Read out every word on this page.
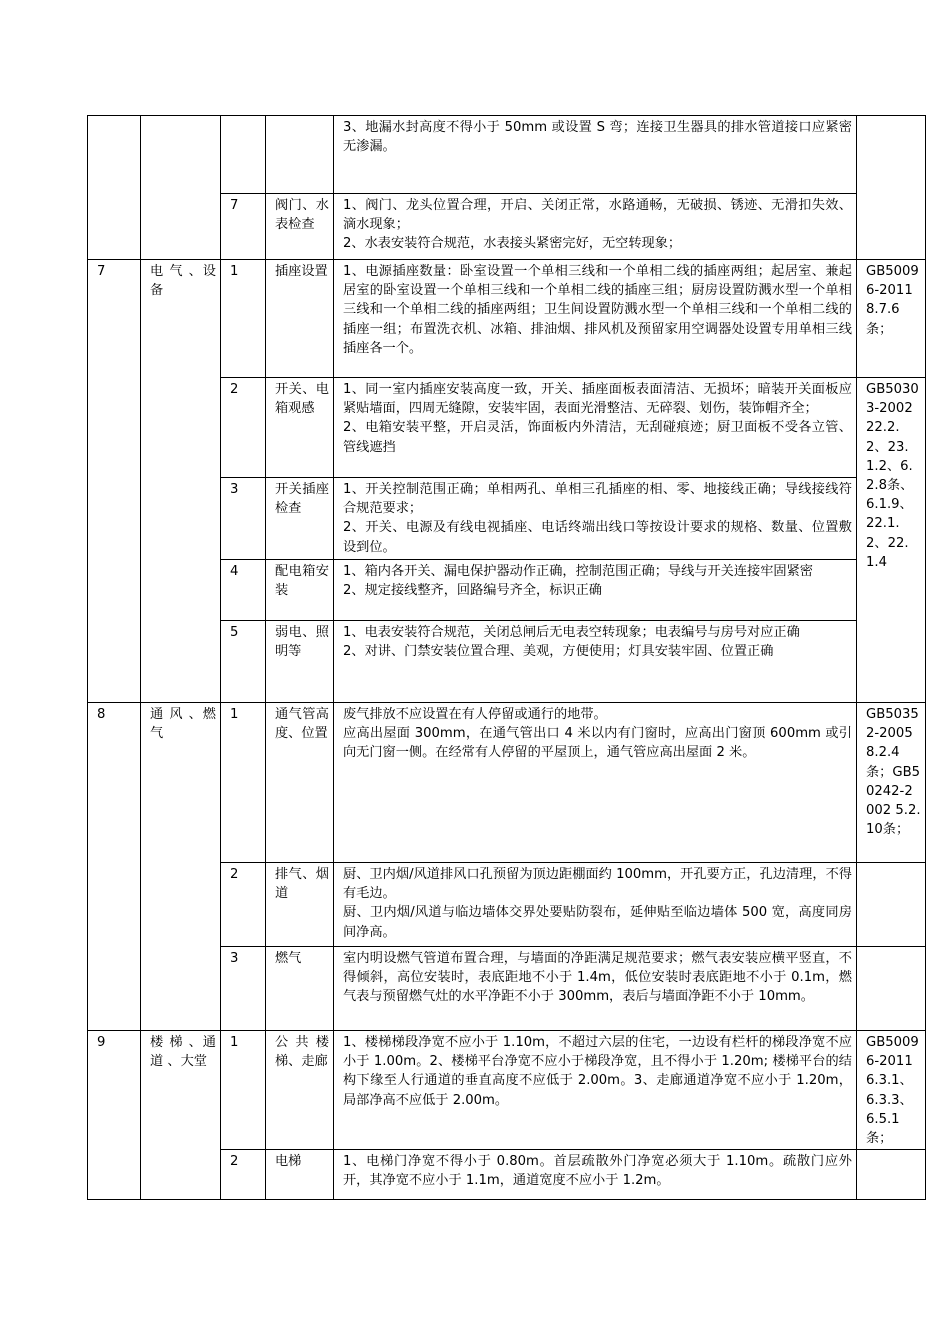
				3、地漏水封高度不得小于 50mm 或设置 S 弯；连接卫生器具的排水管道接口应紧密无渗漏。	

		7	阀门、水表检查	1、阀门、龙头位置合理，开启、关闭正常，水路通畅，无破损、锈迹、无滑扣失效、滴水现象；
2、水表安装符合规范，水表接头紧密完好，无空转现象；	

7	电 气 、设备	1	插座设置	1、电源插座数量：卧室设置一个单相三线和一个单相二线的插座两组；起居室、兼起居室的卧室设置一个单相三线和一个单相二线的插座三组；厨房设置防溅水型一个单相三线和一个单相二线的插座两组；卫生间设置防溅水型一个单相三线和一个单相二线的插座一组；布置洗衣机、冰箱、排油烟、排风机及预留家用空调器处设置专用单相三线插座各一个。	GB50096-2011 8.7.6条；
		2	开关、电箱观感	1、同一室内插座安装高度一致，开关、插座面板表面清洁、无损坏；暗装开关面板应紧贴墙面，四周无缝隙，安装牢固，表面光滑整洁、无碎裂、划伤，装饰帽齐全；
2、电箱安装平整，开启灵活，饰面板内外清洁，无刮碰痕迹；厨卫面板不受各立管、管线遮挡	GB50303-2002 22.2.2、23.1.2、6.2.8条、6.1.9、22.1.2、22.1.4
		3	开关插座检查	1、开关控制范围正确；单相两孔、单相三孔插座的相、零、地接线正确；导线接线符合规范要求；
2、开关、电源及有线电视插座、电话终端出线口等按设计要求的规格、数量、位置敷设到位。	

		4	配电箱安装	1、箱内各开关、漏电保护器动作正确，控制范围正确；导线与开关连接牢固紧密
2、规定接线整齐，回路编号齐全，标识正确	

		5	弱电、照明等	1、电表安装符合规范，关闭总闸后无电表空转现象；电表编号与房号对应正确
2、对讲、门禁安装位置合理、美观，方便使用；灯具安装牢固、位置正确	

8	通 风 、燃气	1	通气管高度、位置	废气排放不应设置在有人停留或通行的地带。
应高出屋面 300mm，在通气管出口 4 米以内有门窗时，应高出门窗顶 600mm 或引向无门窗一侧。在经常有人停留的平屋顶上，通气管应高出屋面 2 米。	GB50352-2005 8.2.4条；GB50242-2002 5.2.10条；
		2	排气、烟道	厨、卫内烟/风道排风口孔预留为顶边距棚面约 100mm，开孔要方正，孔边清理，不得有毛边。
厨、卫内烟/风道与临边墙体交界处要贴防裂布，延伸贴至临边墙体 500 宽，高度同房间净高。	

		3	燃气	室内明设燃气管道布置合理，与墙面的净距满足规范要求；燃气表安装应横平竖直，不得倾斜，高位安装时，表底距地不小于 1.4m，低位安装时表底距地不小于 0.1m，燃气表与预留燃气灶的水平净距不小于 300mm，表后与墙面净距不小于 10mm。	

9	楼 梯 、通 道 、大堂	1	公共楼梯、走廊	1、楼梯梯段净宽不应小于 1.10m，不超过六层的住宅，一边设有栏杆的梯段净宽不应小于 1.00m。2、楼梯平台净宽不应小于梯段净宽，且不得小于 1.20m; 楼梯平台的结构下缘至人行通道的垂直高度不应低于 2.00m。3、走廊通道净宽不应小于 1.20m，局部净高不应低于 2.00m。	GB50096-2011 6.3.1、6.3.3、6.5.1 条；
		2	电梯	1、电梯门净宽不得小于 0.80m。首层疏散外门净宽必须大于 1.10m。疏散门应外开，其净宽不应小于 1.1m，通道宽度不应小于 1.2m。	
